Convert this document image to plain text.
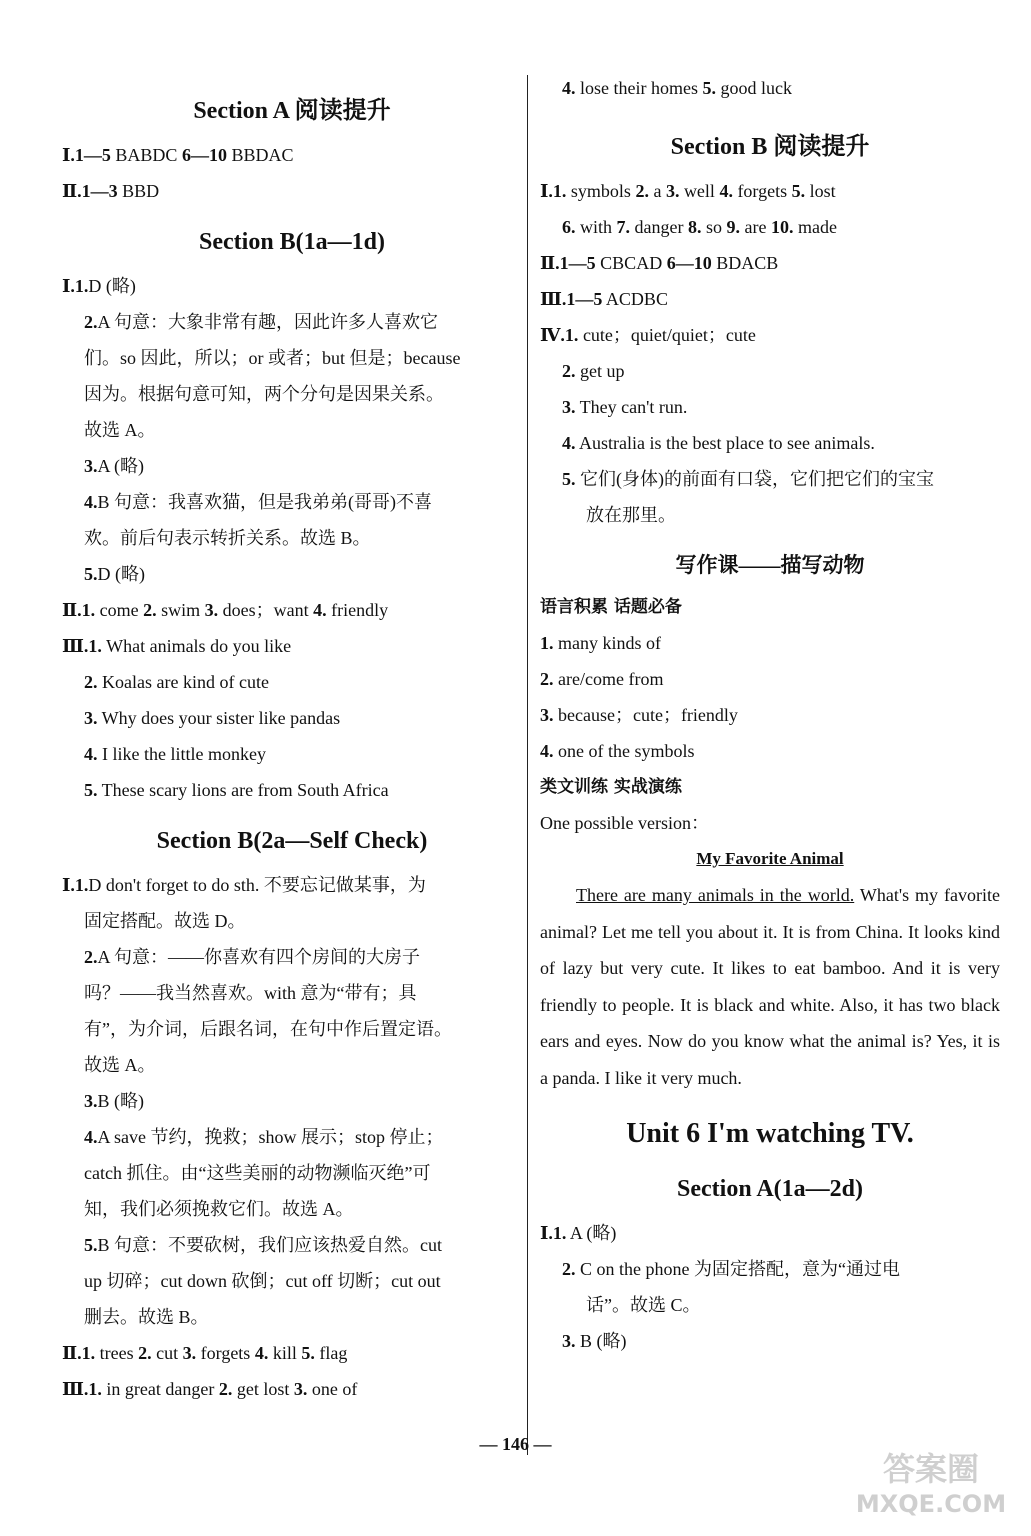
Section A 阅读提升

Ⅰ.1—5 BABDC 6—10 BBDAC
Ⅱ.1—3 BBD

Section B(1a—1d)

Ⅰ.1.D (略)
2.A 句意：大象非常有趣，因此许多人喜欢它
们。so 因此，所以；or 或者；but 但是；because
因为。根据句意可知，两个分句是因果关系。
故选 A。
3.A (略)
4.B 句意：我喜欢猫，但是我弟弟(哥哥)不喜
欢。前后句表示转折关系。故选 B。
5.D (略)
Ⅱ.1. come 2. swim 3. does；want 4. friendly
Ⅲ.1. What animals do you like
2. Koalas are kind of cute
3. Why does your sister like pandas
4. I like the little monkey
5. These scary lions are from South Africa

Section B(2a—Self Check)

Ⅰ.1.D don't forget to do sth. 不要忘记做某事，为
固定搭配。故选 D。
2.A 句意：——你喜欢有四个房间的大房子
吗？——我当然喜欢。with 意为“带有；具
有”，为介词，后跟名词，在句中作后置定语。
故选 A。
3.B (略)
4.A save 节约，挽救；show 展示；stop 停止；
catch 抓住。由“这些美丽的动物濒临灭绝”可
知，我们必须挽救它们。故选 A。
5.B 句意：不要砍树，我们应该热爱自然。cut
up 切碎；cut down 砍倒；cut off 切断；cut out
删去。故选 B。
Ⅱ.1. trees 2. cut 3. forgets 4. kill 5. flag
Ⅲ.1. in great danger 2. get lost 3. one of
4. lose their homes 5. good luck

Section B 阅读提升

Ⅰ.1. symbols 2. a 3. well 4. forgets 5. lost
6. with 7. danger 8. so 9. are 10. made
Ⅱ.1—5 CBCAD 6—10 BDACB
Ⅲ.1—5 ACDBC
Ⅳ.1. cute；quiet/quiet；cute
2. get up
3. They can't run.
4. Australia is the best place to see animals.
5. 它们(身体)的前面有口袋，它们把它们的宝宝
放在那里。

写作课——描写动物

语言积累 话题必备
1. many kinds of
2. are/come from
3. because；cute；friendly
4. one of the symbols
类文训练 实战演练
One possible version：
My Favorite Animal

There are many animals in the world. What's my favorite animal? Let me tell you about it. It is from China. It looks kind of lazy but very cute. It likes to eat bamboo. And it is very friendly to people. It is black and white. Also, it has two black ears and eyes. Now do you know what the animal is? Yes, it is a panda. I like it very much.

Unit 6 I'm watching TV.

Section A(1a—2d)

Ⅰ.1. A (略)
2. C on the phone 为固定搭配，意为“通过电
话”。故选 C。
3. B (略)
— 146 —
答案圈
MXQE.COM
